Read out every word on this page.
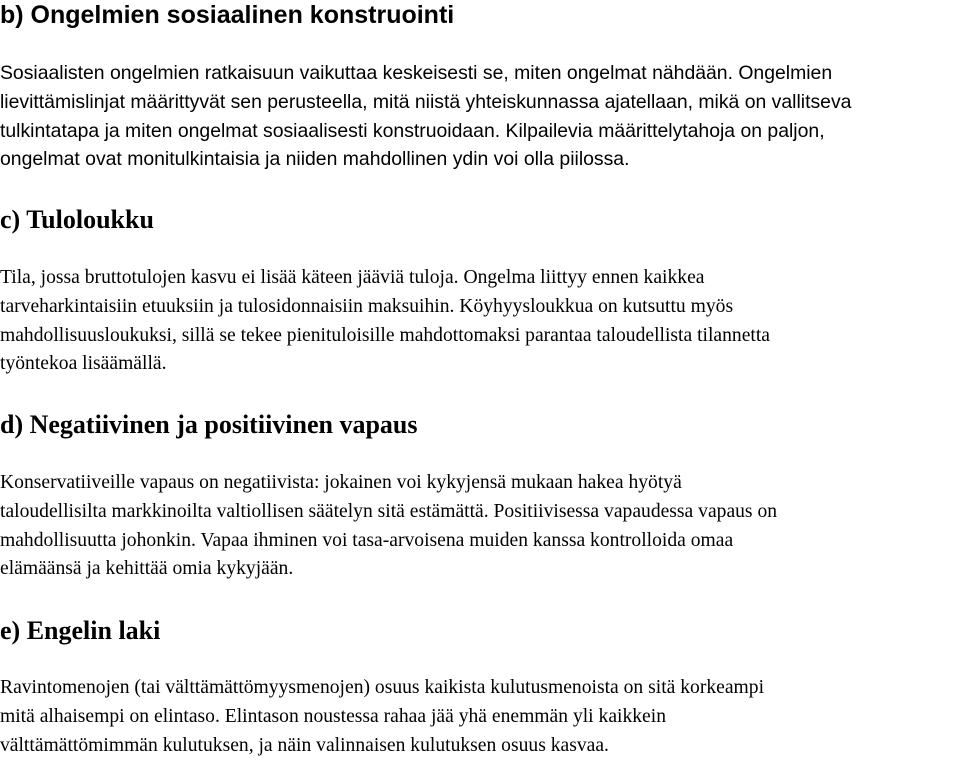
b) Ongelmien sosiaalinen konstruointi
Sosiaalisten ongelmien ratkaisuun vaikuttaa keskeisesti se, miten ongelmat nähdään. Ongelmien
lievittämislinjat määrittyvät sen perusteella, mitä niistä yhteiskunnassa ajatellaan, mikä on vallitseva
tulkintatapa ja miten ongelmat sosiaalisesti konstruoidaan. Kilpailevia määrittelytahoja on paljon,
ongelmat ovat monitulkintaisia ja niiden mahdollinen ydin voi olla piilossa.
c) Tuloloukku
Tila, jossa bruttotulojen kasvu ei lisää käteen jääviä tuloja. Ongelma liittyy ennen kaikkea
tarveharkintaisiin etuuksiin ja tulosidonnaisiin maksuihin. Köyhyysloukkua on kutsuttu myös
mahdollisuusloukuksi, sillä se tekee pienituloisille mahdottomaksi parantaa taloudellista tilannetta
työntekoa lisäämällä.
d) Negatiivinen ja positiivinen vapaus
Konservatiiveille vapaus on negatiivista: jokainen voi kykyjensä mukaan hakea hyötyä
taloudellisilta markkinoilta valtiollisen säätelyn sitä estämättä. Positiivisessa vapaudessa vapaus on
mahdollisuutta johonkin. Vapaa ihminen voi tasa-arvoisena muiden kanssa kontrolloida omaa
elämäänsä ja kehittää omia kykyjään.
e) Engelin laki
Ravintomenojen (tai välttämättömyysmenojen) osuus kaikista kulutusmenoista on sitä korkeampi
mitä alhaisempi on elintaso. Elintason noustessa rahaa jää yhä enemmän yli kaikkein
välttämättömimmän kulutuksen, ja näin valinnaisen kulutuksen osuus kasvaa.
